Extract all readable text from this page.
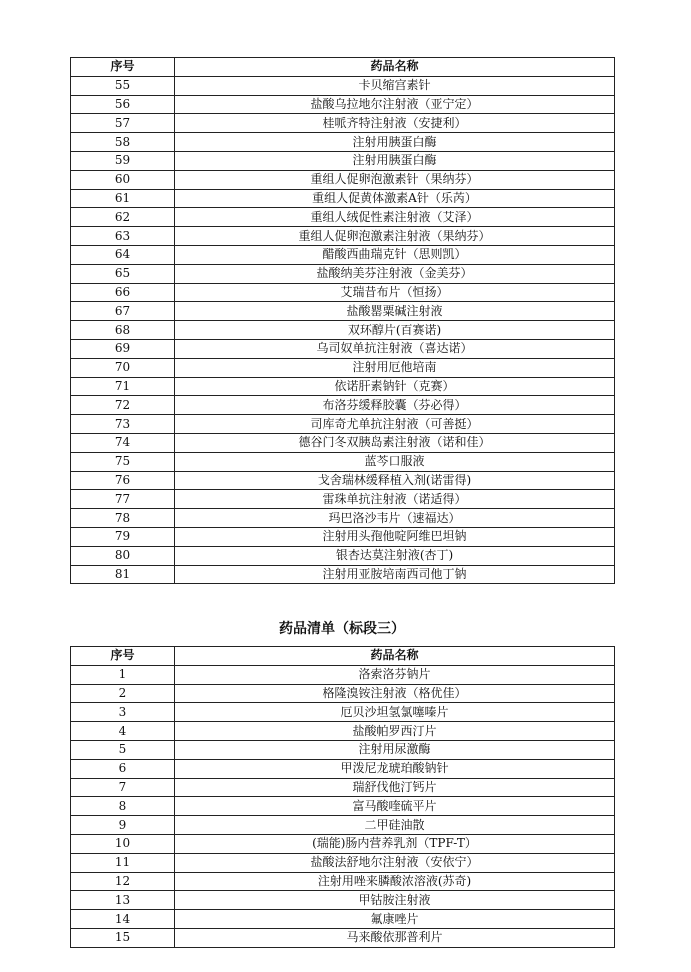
序号	药品名称
55	卡贝缩宫素针
56	盐酸乌拉地尔注射液（亚宁定）
57	桂哌齐特注射液（安捷利）
58	注射用胰蛋白酶
59	注射用胰蛋白酶
60	重组人促卵泡激素针（果纳芬）
61	重组人促黄体激素A针（乐芮）
62	重组人绒促性素注射液（艾泽）
63	重组人促卵泡激素注射液（果纳芬）
64	醋酸西曲瑞克针（思则凯）
65	盐酸纳美芬注射液（金美芬）
66	艾瑞昔布片（恒扬）
67	盐酸罂粟碱注射液
68	双环醇片(百赛诺)
69	乌司奴单抗注射液（喜达诺）
70	注射用厄他培南
71	依诺肝素钠针（克赛）
72	布洛芬缓释胶囊（芬必得）
73	司库奇尤单抗注射液（可善挺）
74	德谷门冬双胰岛素注射液（诺和佳）
75	蓝芩口服液
76	戈舍瑞林缓释植入剂(诺雷得)
77	雷珠单抗注射液（诺适得）
78	玛巴洛沙韦片（速福达）
79	注射用头孢他啶阿维巴坦钠
80	银杏达莫注射液(杏丁)
81	注射用亚胺培南西司他丁钠
药品清单（标段三）
序号	药品名称
1	洛索洛芬钠片
2	格隆溴铵注射液（格优佳）
3	厄贝沙坦氢氯噻嗪片
4	盐酸帕罗西汀片
5	注射用尿激酶
6	甲泼尼龙琥珀酸钠针
7	瑞舒伐他汀钙片
8	富马酸喹硫平片
9	二甲硅油散
10	(瑞能)肠内营养乳剂（TPF-T）
11	盐酸法舒地尔注射液（安依宁）
12	注射用唑来膦酸浓溶液(苏奇)
13	甲钴胺注射液
14	氟康唑片
15	马来酸依那普利片
